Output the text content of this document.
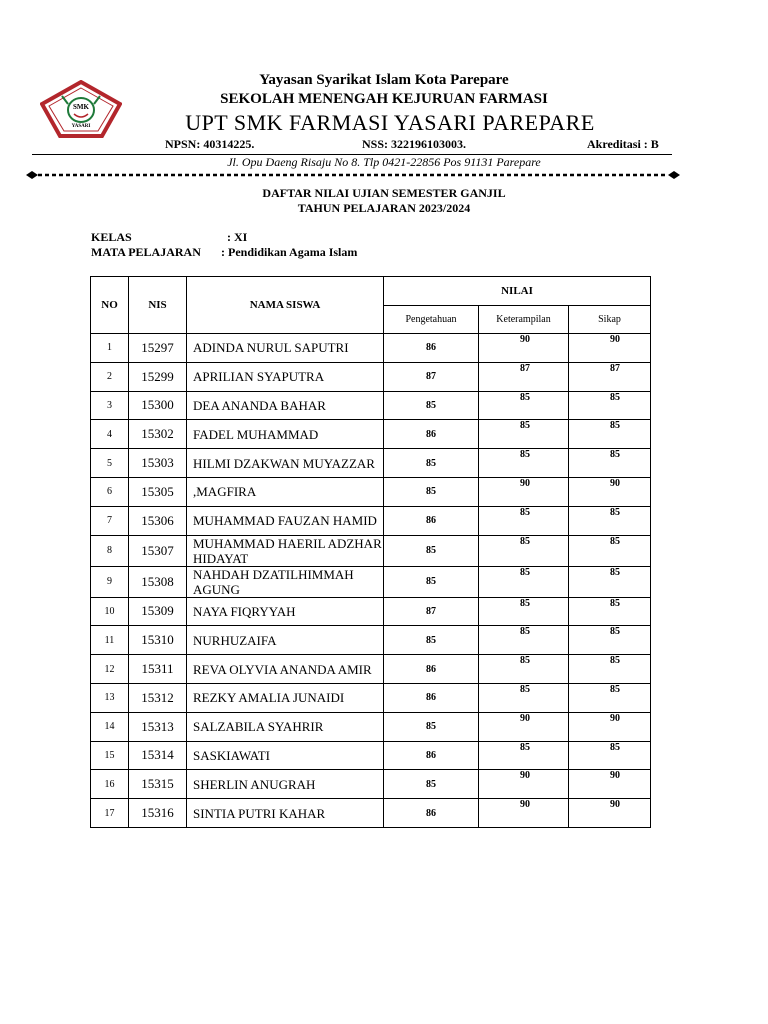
SMK
YASARI
Yayasan Syarikat Islam Kota Parepare
SEKOLAH MENENGAH KEJURUAN FARMASI
UPT SMK FARMASI YASARI PAREPARE
NPSN: 40314225.	NSS: 322196103003.	Akreditasi : B
Jl. Opu Daeng Risaju No 8. Tlp 0421-22856 Pos 91131 Parepare
DAFTAR NILAI UJIAN SEMESTER GANJIL
TAHUN PELAJARAN 2023/2024
KELAS	: XI
MATA PELAJARAN : Pendidikan Agama Islam
NO	NIS	NAMA SISWA	NILAI		
			Pengetahuan	Keterampilan	Sikap
1	15297	ADINDA NURUL SAPUTRI	86	90	90
2	15299	APRILIAN SYAPUTRA	87	87	87
3	15300	DEA ANANDA BAHAR	85	85	85
4	15302	FADEL MUHAMMAD	86	85	85
5	15303	HILMI DZAKWAN MUYAZZAR	85	85	85
6	15305	,MAGFIRA	85	90	90
7	15306	MUHAMMAD FAUZAN HAMID	86	85	85
8	15307	MUHAMMAD HAERIL ADZHAR HIDAYAT	85	85	85
9	15308	NAHDAH DZATILHIMMAH AGUNG	85	85	85
10	15309	NAYA FIQRYYAH	87	85	85
11	15310	NURHUZAIFA	85	85	85
12	15311	REVA OLYVIA ANANDA AMIR	86	85	85
13	15312	REZKY AMALIA JUNAIDI	86	85	85
14	15313	SALZABILA SYAHRIR	85	90	90
15	15314	SASKIAWATI	86	85	85
16	15315	SHERLIN ANUGRAH	85	90	90
17	15316	SINTIA PUTRI KAHAR	86	90	90
